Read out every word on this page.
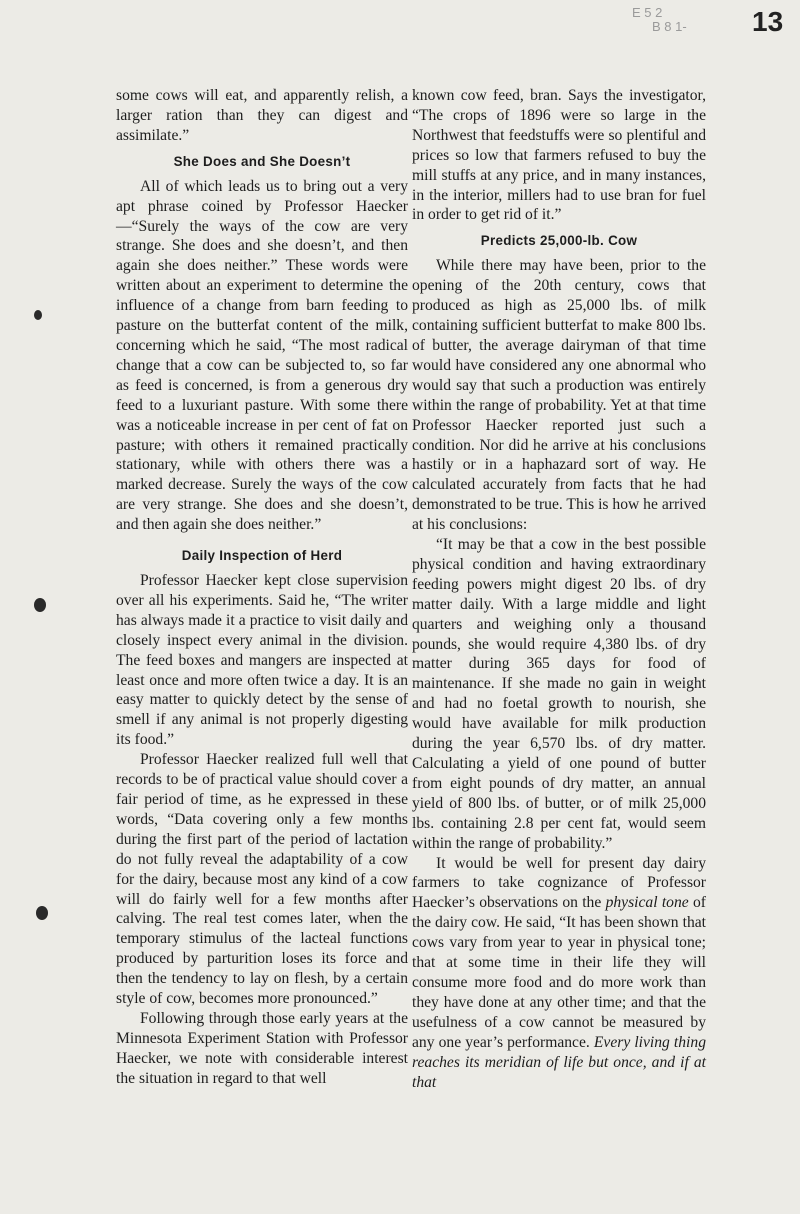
13
E 5 2
B 8 1-

some cows will eat, and apparently relish, a larger ration than they can digest and assimilate.”

She Does and She Doesn’t

All of which leads us to bring out a very apt phrase coined by Professor Haecker—“Surely the ways of the cow are very strange. She does and she doesn’t, and then again she does neither.” These words were written about an experiment to determine the influence of a change from barn feeding to pasture on the butterfat content of the milk, concerning which he said, “The most radical change that a cow can be subjected to, so far as feed is concerned, is from a generous dry feed to a luxuriant pasture. With some there was a noticeable increase in per cent of fat on pasture; with others it remained practically stationary, while with others there was a marked decrease. Surely the ways of the cow are very strange. She does and she doesn’t, and then again she does neither.”

Daily Inspection of Herd

Professor Haecker kept close supervision over all his experiments. Said he, “The writer has always made it a practice to visit daily and closely inspect every animal in the division. The feed boxes and mangers are inspected at least once and more often twice a day. It is an easy matter to quickly detect by the sense of smell if any animal is not properly digesting its food.”

Professor Haecker realized full well that records to be of practical value should cover a fair period of time, as he expressed in these words, “Data covering only a few months during the first part of the period of lactation do not fully reveal the adaptability of a cow for the dairy, because most any kind of a cow will do fairly well for a few months after calving. The real test comes later, when the temporary stimulus of the lacteal functions produced by parturition loses its force and then the tendency to lay on flesh, by a certain style of cow, becomes more pronounced.”

Following through those early years at the Minnesota Experiment Station with Professor Haecker, we note with considerable interest the situation in regard to that well

known cow feed, bran. Says the investigator, “The crops of 1896 were so large in the Northwest that feedstuffs were so plentiful and prices so low that farmers refused to buy the mill stuffs at any price, and in many instances, in the interior, millers had to use bran for fuel in order to get rid of it.”

Predicts 25,000-lb. Cow

While there may have been, prior to the opening of the 20th century, cows that produced as high as 25,000 lbs. of milk containing sufficient butterfat to make 800 lbs. of butter, the average dairyman of that time would have considered any one abnormal who would say that such a production was entirely within the range of probability. Yet at that time Professor Haecker reported just such a condition. Nor did he arrive at his conclusions hastily or in a haphazard sort of way. He calculated accurately from facts that he had demonstrated to be true. This is how he arrived at his conclusions:

“It may be that a cow in the best possible physical condition and having extraordinary feeding powers might digest 20 lbs. of dry matter daily. With a large middle and light quarters and weighing only a thousand pounds, she would require 4,380 lbs. of dry matter during 365 days for food of maintenance. If she made no gain in weight and had no foetal growth to nourish, she would have available for milk production during the year 6,570 lbs. of dry matter. Calculating a yield of one pound of butter from eight pounds of dry matter, an annual yield of 800 lbs. of butter, or of milk 25,000 lbs. containing 2.8 per cent fat, would seem within the range of probability.”

It would be well for present day dairy farmers to take cognizance of Professor Haecker’s observations on the physical tone of the dairy cow. He said, “It has been shown that cows vary from year to year in physical tone; that at some time in their life they will consume more food and do more work than they have done at any other time; and that the usefulness of a cow cannot be measured by any one year’s performance. Every living thing reaches its meridian of life but once, and if at that
